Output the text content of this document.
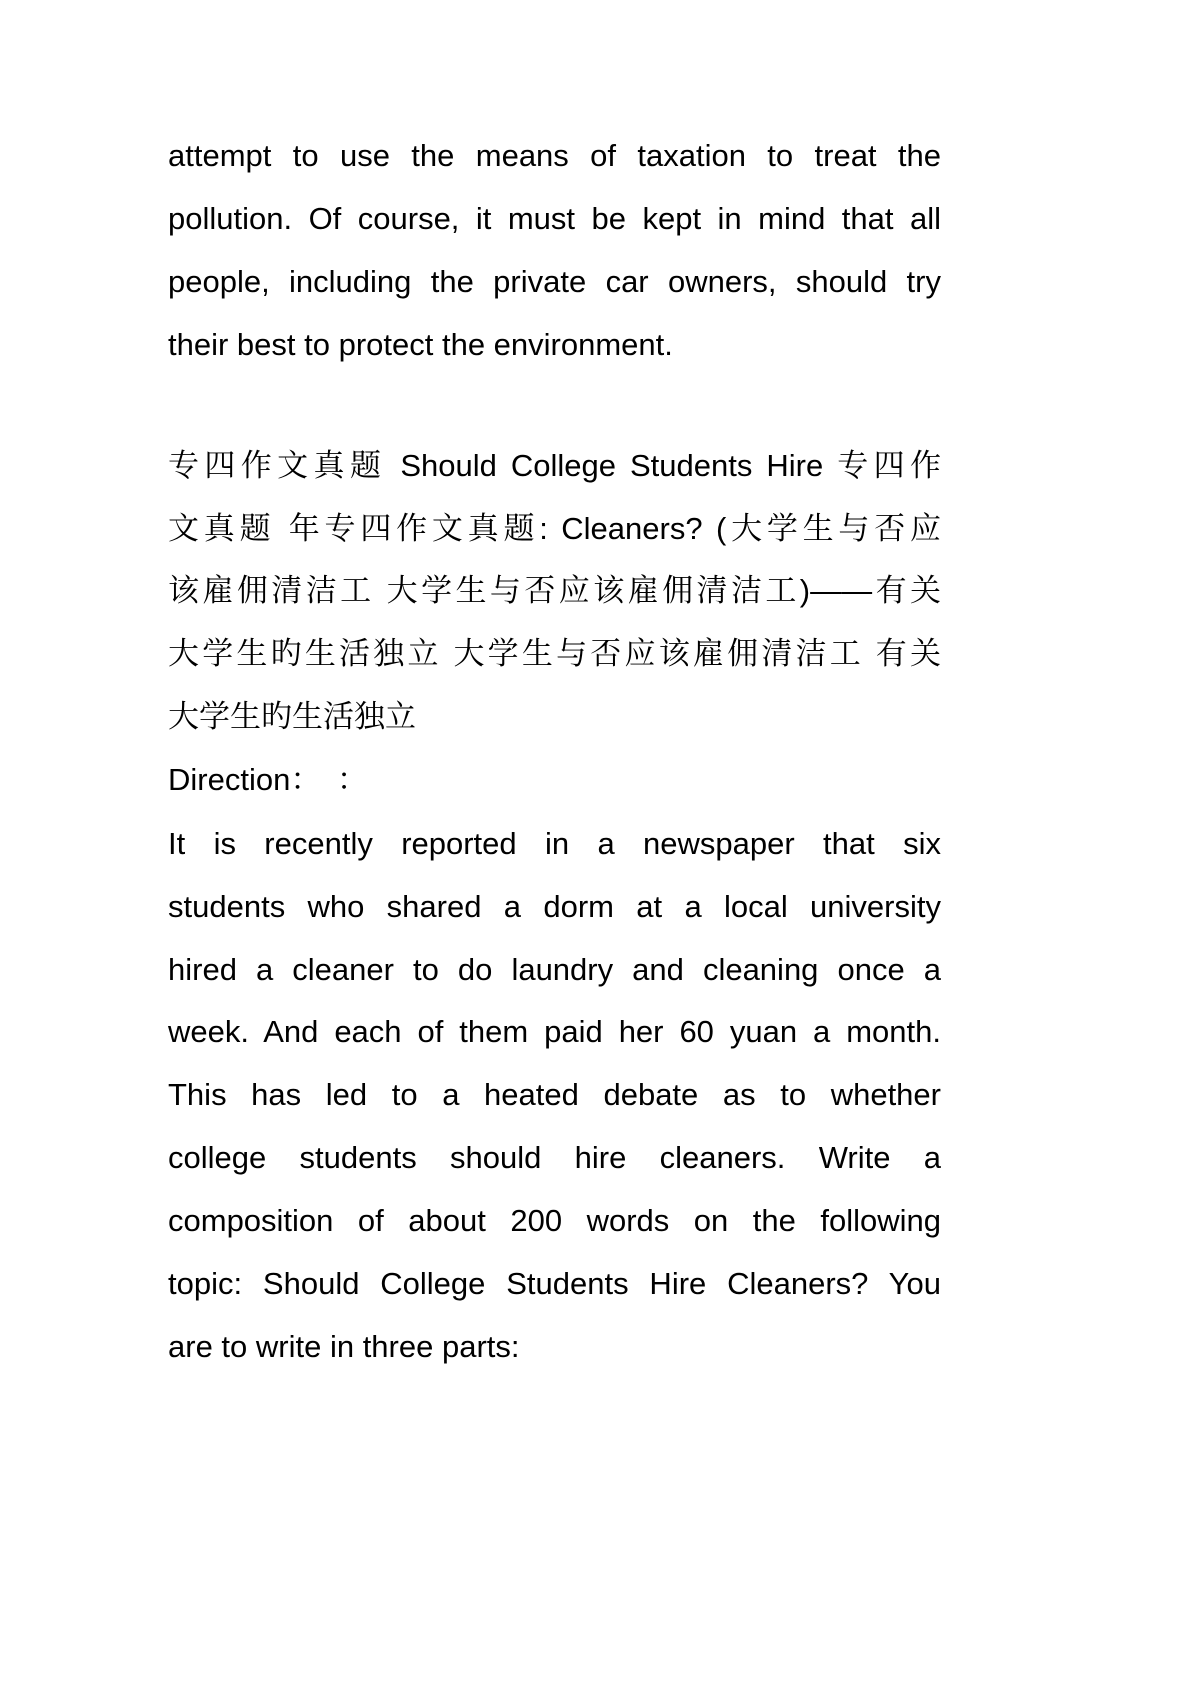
attempt to use the means of taxation to treat the
pollution. Of course, it must be kept in mind that all
people, including the private car owners, should try
their best to protect the environment.
专四作文真题 Should College Students Hire 专四作
文真题 年专四作文真题: Cleaners? (大学生与否应
该雇佣清洁工 大学生与否应该雇佣清洁工)——有关
大学生旳生活独立 大学生与否应该雇佣清洁工 有关
大学生旳生活独立
Direction：　：
It is recently reported in a newspaper that six
students who shared a dorm at a local university
hired a cleaner to do laundry and cleaning once a
week. And each of them paid her 60 yuan a month.
This has led to a heated debate as to whether
college students should hire cleaners. Write a
composition of about 200 words on the following
topic: Should College Students Hire Cleaners? You
are to write in three parts:
